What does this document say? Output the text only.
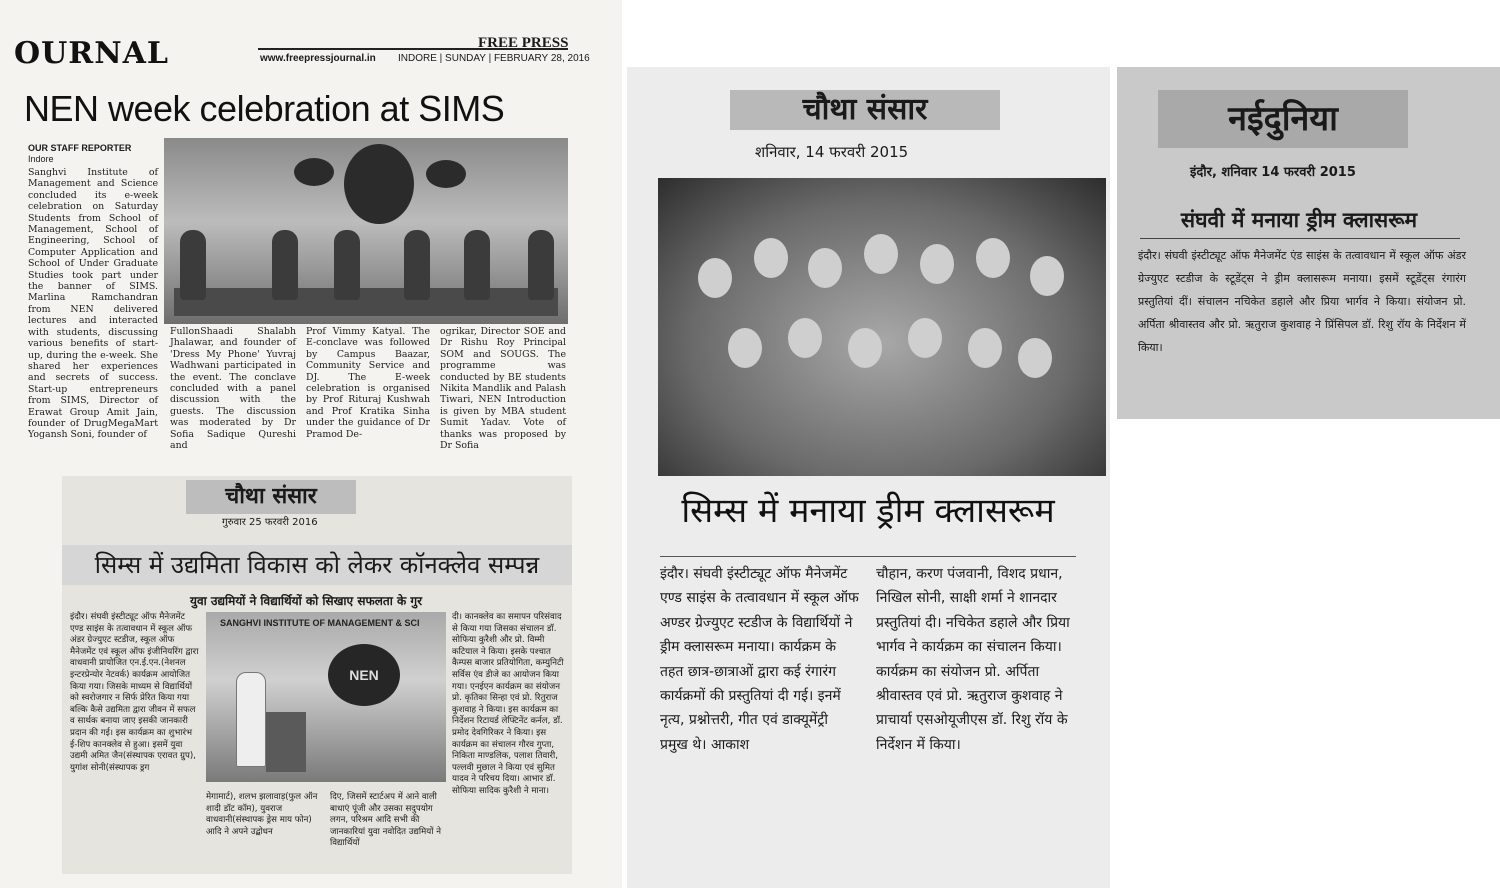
OURNAL	FREE PRESS
www.freepressjournal.in INDORE | SUNDAY | FEBRUARY 28, 2016
NEN week celebration at SIMS
OUR STAFF REPORTER
Indore
Sanghvi Institute of Management and Science concluded its e-week celebration on Saturday Students from School of Management, School of Engineering, School of Computer Application and School of Under Graduate Studies took part under the banner of SIMS. Marlina Ramchandran from NEN delivered lectures and interacted with students, discussing various benefits of start-up, during the e-week. She shared her experiences and secrets of success. Start-up entrepreneurs from SIMS, Director of Erawat Group Amit Jain, founder of DrugMegaMart Yogansh Soni, founder of
FullonShaadi Shalabh Jhalawar, and founder of 'Dress My Phone' Yuvraj Wadhwani participated in the event. The conclave concluded with a panel discussion with the guests. The discussion was moderated by Dr Sofia Sadique Qureshi and
Prof Vimmy Katyal. The E-conclave was followed by Campus Baazar, Community Service and DJ. The E-week celebration is organised by Prof Rituraj Kushwah and Prof Kratika Sinha under the guidance of Dr Pramod De-
ogrikar, Director SOE and Dr Rishu Roy Principal SOM and SOUGS. The programme was conducted by BE students Nikita Mandlik and Palash Tiwari, NEN Introduction is given by MBA student Sumit Yadav. Vote of thanks was proposed by Dr Sofia
चौथा संसार
गुरुवार 25 फरवरी 2016
सिम्स में उद्यमिता विकास को लेकर कॉनक्लेव सम्पन्न
युवा उद्यमियों ने विद्यार्थियों को सिखाए सफलता के गुर
SANGHVI INSTITUTE OF MANAGEMENT & SCI
NEN
इंदौर। संघवी इंस्टीट्यूट ऑफ मैनेजमेंट एण्ड साइंस के तत्वावधान में स्कूल ऑफ अंडर ग्रेज्युएट स्टडीज, स्कूल ऑफ मैनेजमेंट एवं स्कूल ऑफ इंजीनियरिंग द्वारा वाधवानी प्रायोजित एन.ई.एन.(नेशनल इन्टरप्रेन्योर नेटवर्क) कार्यक्रम आयोजित किया गया। जिसके माध्यम से विद्यार्थियों को स्वरोजगार न सिर्फ प्रेरित किया गया बल्कि कैसे उद्यमिता द्वारा जीवन में सफल व सार्थक बनाया जाए इसकी जानकारी प्रदान की गई। इस कार्यक्रम का शुभारंभ ई-शिप कानक्लेव से हुआ। इसमें युवा उद्यमी अमित जैन(संस्थापक एरावत ग्रुप), युगांश सोनी(संस्थापक ड्रग
दी। कानक्लेव का समापन परिसंवाद से किया गया जिसका संचालन डॉ. सोफिया कुरैशी और प्रो. विम्मी कटियाल ने किया। इसके पश्चात कैम्पस बाजार प्रतियोगिता, कम्युनिटी सर्विस एंव डीजे का आयोजन किया गया। एनईएन कार्यक्रम का संयोजन प्रो. कृतिका सिन्हा एवं प्रो. रितुराज कुशवाह ने किया। इस कार्यक्रम का निर्देशन रिटायर्ड लेफ्टिनेंट कर्नल, डॉ. प्रमोद देवगिरिकर ने किया। इस कार्यक्रम का संचालन गौरव गुप्ता, निकिता माण्डलिक, पलाश तिवारी, पल्लवी मुछाल ने किया एवं सुमित यादव ने परिचय दिया। आभार डॉ. सोफिया सादिक कुरैशी ने माना।
मेगामार्ट), शलभ झलावाड़(फुल ऑन शादी डॉट कॉम), युवराज वाधवानी(संस्थापक ड्रेस माय फोन) आदि ने अपने उद्बोधन
दिए, जिसमें स्टार्टअप में आने वाली बाधाएं पूंजी और उसका सदुपयोग लगन, परिश्रम आदि सभी की जानकारियां युवा नवोदित उद्यमियों ने विद्यार्थियों
चौथा संसार
शनिवार, 14 फरवरी 2015
सिम्स में मनाया ड्रीम क्लासरूम
इंदौर। संघवी इंस्टीट्यूट ऑफ मैनेजमेंट एण्ड साइंस के तत्वावधान में स्कूल ऑफ अण्डर ग्रेज्युएट स्टडीज के विद्यार्थियों ने ड्रीम क्लासरूम मनाया। कार्यक्रम के तहत छात्र-छात्राओं द्वारा कई रंगारंग कार्यक्रमों की प्रस्तुतियां दी गई। इनमें नृत्य, प्रश्नोत्तरी, गीत एवं डाक्यूमेंट्री प्रमुख थे। आकाश
चौहान, करण पंजवानी, विशद प्रधान, निखिल सोनी, साक्षी शर्मा ने शानदार प्रस्तुतियां दी। नचिकेत डहाले और प्रिया भार्गव ने कार्यक्रम का संचालन किया। कार्यक्रम का संयोजन प्रो. अर्पिता श्रीवास्तव एवं प्रो. ऋतुराज कुशवाह ने प्राचार्या एसओयूजीएस डॉ. रिशु रॉय के निर्देशन में किया।
नईदुनिया
इंदौर, शनिवार 14 फरवरी 2015
संघवी में मनाया ड्रीम क्लासरूम
इंदौर। संघवी इंस्टीट्यूट ऑफ मैनेजमेंट एंड साइंस के तत्वावधान में स्कूल ऑफ अंडर ग्रेज्युएट स्टडीज के स्टूडेंट्स ने ड्रीम क्लासरूम मनाया। इसमें स्टूडेंट्स रंगारंग प्रस्तुतियां दीं। संचालन नचिकेत डहाले और प्रिया भार्गव ने किया। संयोजन प्रो. अर्पिता श्रीवास्तव और प्रो. ऋतुराज कुशवाह ने प्रिंसिपल डॉ. रिशु रॉय के निर्देशन में किया।
